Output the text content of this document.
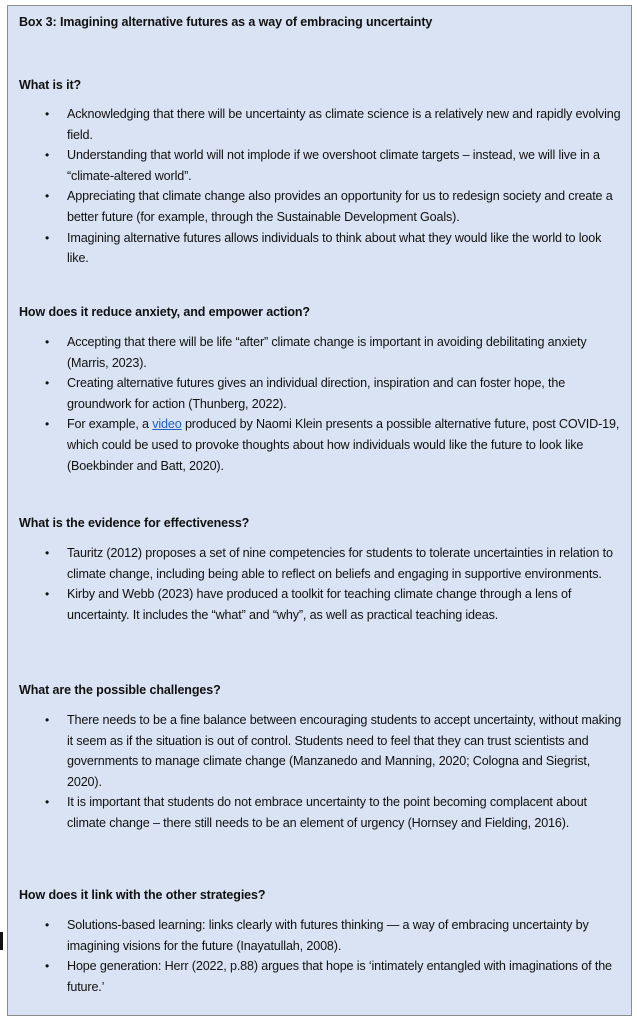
Box 3: Imagining alternative futures as a way of embracing uncertainty
What is it?
• Acknowledging that there will be uncertainty as climate science is a relatively new and rapidly evolving field.
• Understanding that world will not implode if we overshoot climate targets – instead, we will live in a “climate-altered world”.
• Appreciating that climate change also provides an opportunity for us to redesign society and create a better future (for example, through the Sustainable Development Goals).
• Imagining alternative futures allows individuals to think about what they would like the world to look like.
How does it reduce anxiety, and empower action?
• Accepting that there will be life “after” climate change is important in avoiding debilitating anxiety (Marris, 2023).
• Creating alternative futures gives an individual direction, inspiration and can foster hope, the groundwork for action (Thunberg, 2022).
• For example, a video produced by Naomi Klein presents a possible alternative future, post COVID-19, which could be used to provoke thoughts about how individuals would like the future to look like (Boekbinder and Batt, 2020).
What is the evidence for effectiveness?
• Tauritz (2012) proposes a set of nine competencies for students to tolerate uncertainties in relation to climate change, including being able to reflect on beliefs and engaging in supportive environments.
• Kirby and Webb (2023) have produced a toolkit for teaching climate change through a lens of uncertainty. It includes the “what” and “why”, as well as practical teaching ideas.
What are the possible challenges?
• There needs to be a fine balance between encouraging students to accept uncertainty, without making it seem as if the situation is out of control. Students need to feel that they can trust scientists and governments to manage climate change (Manzanedo and Manning, 2020; Cologna and Siegrist, 2020).
• It is important that students do not embrace uncertainty to the point becoming complacent about climate change – there still needs to be an element of urgency (Hornsey and Fielding, 2016).
How does it link with the other strategies?
• Solutions-based learning: links clearly with futures thinking — a way of embracing uncertainty by imagining visions for the future (Inayatullah, 2008).
• Hope generation: Herr (2022, p.88) argues that hope is ‘intimately entangled with imaginations of the future.’
